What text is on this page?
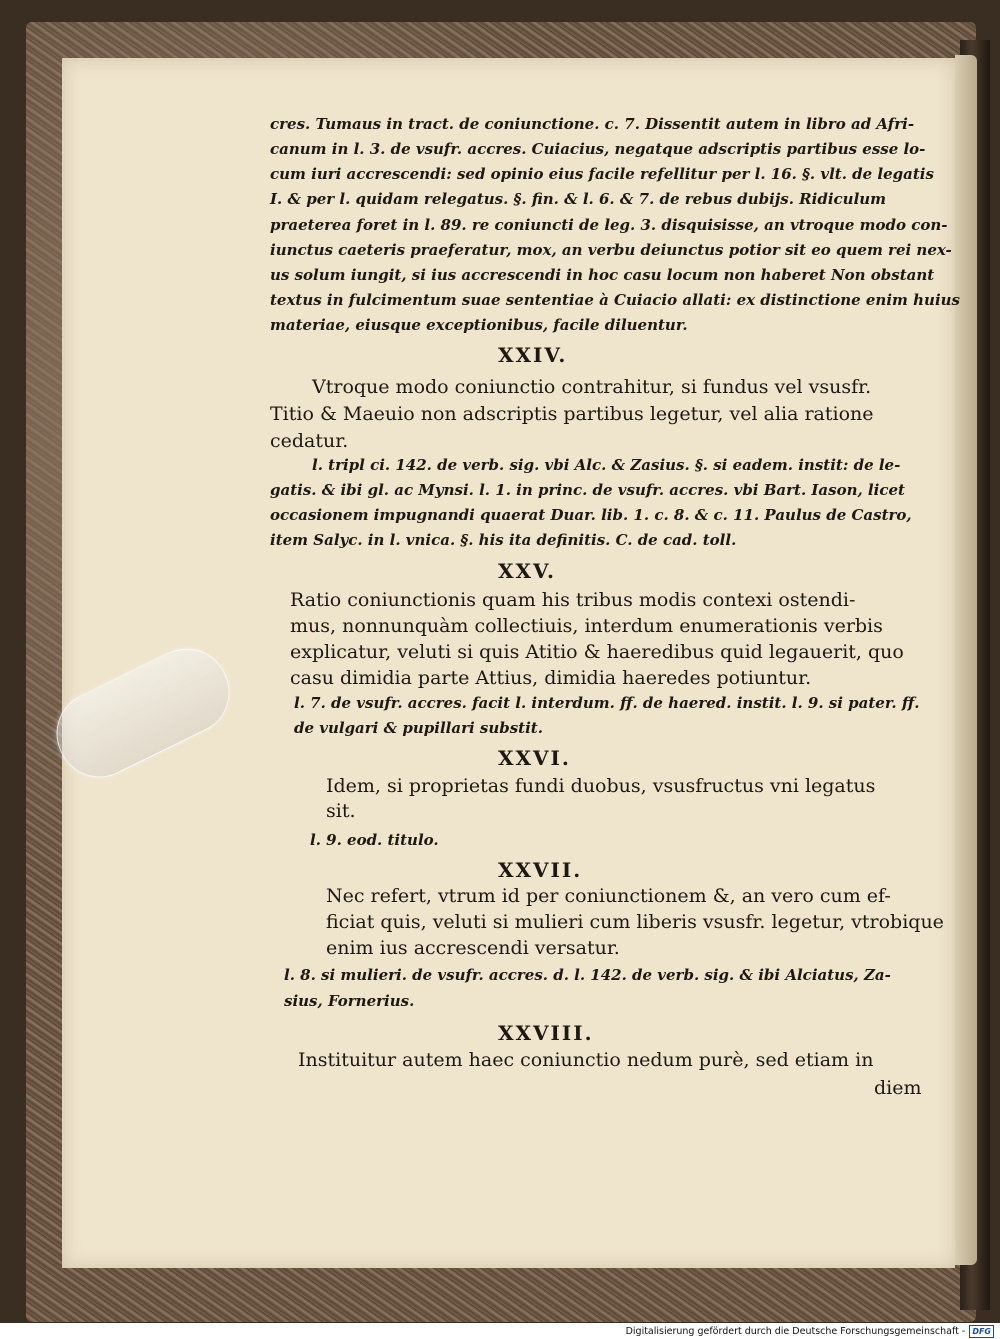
cres. Tumaus in tract. de coniunctione. c. 7. Dissentit autem in libro ad Afri-
canum in l. 3. de vsufr. accres. Cuiacius, negatque adscriptis partibus esse lo-
cum iuri accrescendi: sed opinio eius facile refellitur per l. 16. §. vlt. de legatis
I. & per l. quidam relegatus. §. fin. & l. 6. & 7. de rebus dubijs. Ridiculum
praeterea foret in l. 89. re coniuncti de leg. 3. disquisisse, an vtroque modo con-
iunctus caeteris praeferatur, mox, an verbu deiunctus potior sit eo quem rei nex-
us solum iungit, si ius accrescendi in hoc casu locum non haberet Non obstant
textus in fulcimentum suae sententiae à Cuiacio allati: ex distinctione enim huius
materiae, eiusque exceptionibus, facile diluentur.
XXIV.
Vtroque modo coniunctio contrahitur, si fundus vel vsusfr.
Titio & Maeuio non adscriptis partibus legetur, vel alia ratione
cedatur.
l. tripl ci. 142. de verb. sig. vbi Alc. & Zasius. §. si eadem. instit: de le-
gatis. & ibi gl. ac Mynsi. l. 1. in princ. de vsufr. accres. vbi Bart. Iason, licet
occasionem impugnandi quaerat Duar. lib. 1. c. 8. & c. 11. Paulus de Castro,
item Salyc. in l. vnica. §. his ita definitis. C. de cad. toll.
XXV.
Ratio coniunctionis quam his tribus modis contexi ostendi-
mus, nonnunquàm collectiuis, interdum enumerationis verbis
explicatur, veluti si quis Atitio & haeredibus quid legauerit, quo
casu dimidia parte Attius, dimidia haeredes potiuntur.
l. 7. de vsufr. accres. facit l. interdum. ff. de haered. instit. l. 9. si pater. ff.
de vulgari & pupillari substit.
XXVI.
Idem, si proprietas fundi duobus, vsusfructus vni legatus
sit.
l. 9. eod. titulo.
XXVII.
Nec refert, vtrum id per coniunctionem &, an vero cum ef-
ficiat quis, veluti si mulieri cum liberis vsusfr. legetur, vtrobique
enim ius accrescendi versatur.
l. 8. si mulieri. de vsufr. accres. d. l. 142. de verb. sig. & ibi Alciatus, Za-
sius, Fornerius.
XXVIII.
Instituitur autem haec coniunctio nedum purè, sed etiam in
diem
Digitalisierung gefördert durch die Deutsche Forschungsgemeinschaft - DFG
